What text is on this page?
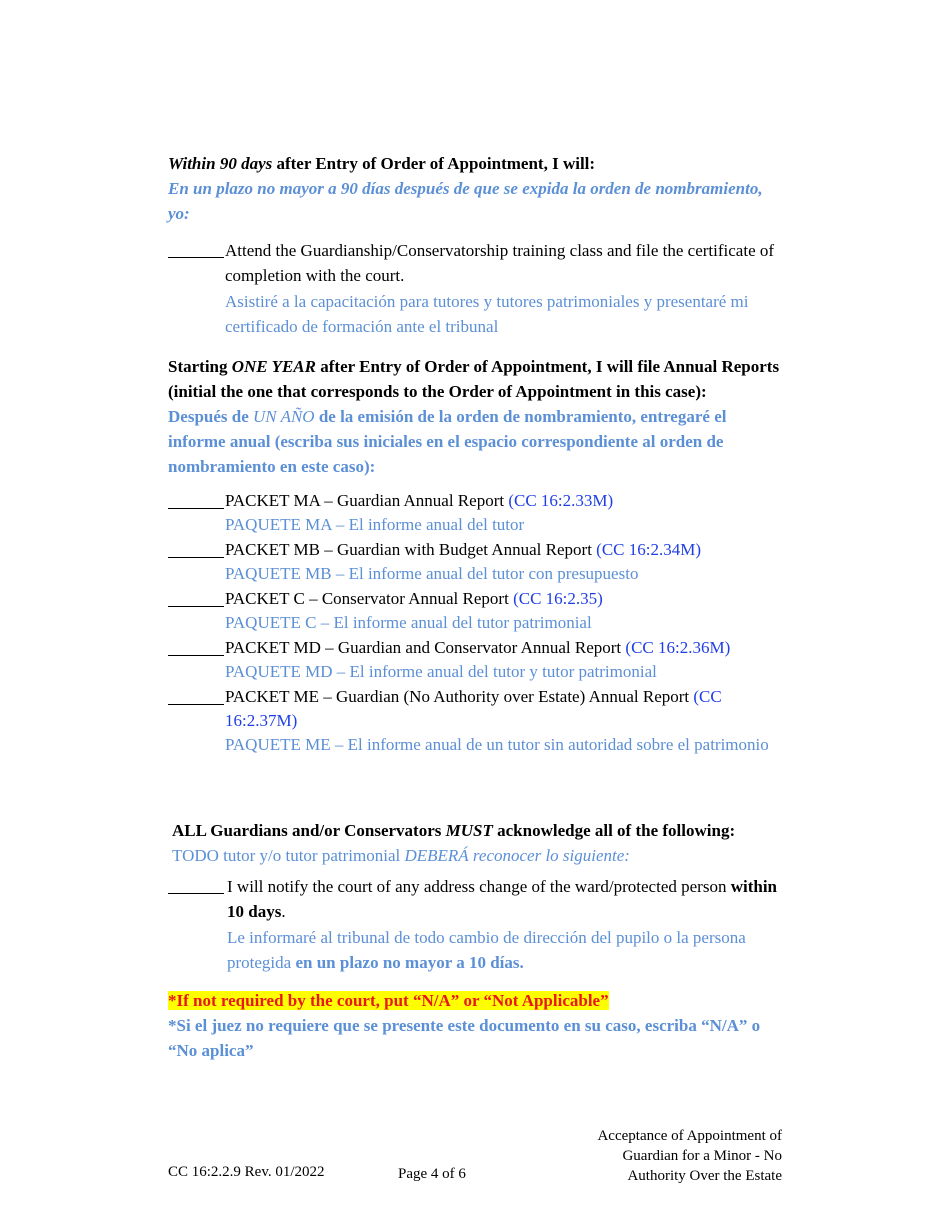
Within 90 days after Entry of Order of Appointment, I will:
En un plazo no mayor a 90 días después de que se expida la orden de nombramiento, yo:
Attend the Guardianship/Conservatorship training class and file the certificate of completion with the court.
Asistiré a la capacitación para tutores y tutores patrimoniales y presentaré mi certificado de formación ante el tribunal
Starting ONE YEAR after Entry of Order of Appointment, I will file Annual Reports (initial the one that corresponds to the Order of Appointment in this case):
Después de UN AÑO de la emisión de la orden de nombramiento, entregaré el informe anual (escriba sus iniciales en el espacio correspondiente al orden de nombramiento en este caso):
PACKET MA – Guardian Annual Report (CC 16:2.33M)
PAQUETE MA – El informe anual del tutor
PACKET MB – Guardian with Budget Annual Report (CC 16:2.34M)
PAQUETE MB – El informe anual del tutor con presupuesto
PACKET C – Conservator Annual Report (CC 16:2.35)
PAQUETE C – El informe anual del tutor patrimonial
PACKET MD – Guardian and Conservator Annual Report (CC 16:2.36M)
PAQUETE MD – El informe anual del tutor y tutor patrimonial
PACKET ME – Guardian (No Authority over Estate) Annual Report (CC 16:2.37M)
PAQUETE ME – El informe anual de un tutor sin autoridad sobre el patrimonio
ALL Guardians and/or Conservators MUST acknowledge all of the following:
TODO tutor y/o tutor patrimonial DEBERÁ reconocer lo siguiente:
I will notify the court of any address change of the ward/protected person within 10 days.
Le informaré al tribunal de todo cambio de dirección del pupilo o la persona protegida en un plazo no mayor a 10 días.
*If not required by the court, put “N/A” or “Not Applicable”
*Si el juez no requiere que se presente este documento en su caso, escriba “N/A” o “No aplica”
CC 16:2.2.9 Rev. 01/2022	Page 4 of 6
Acceptance of Appointment of
Guardian for a Minor - No
Authority Over the Estate
